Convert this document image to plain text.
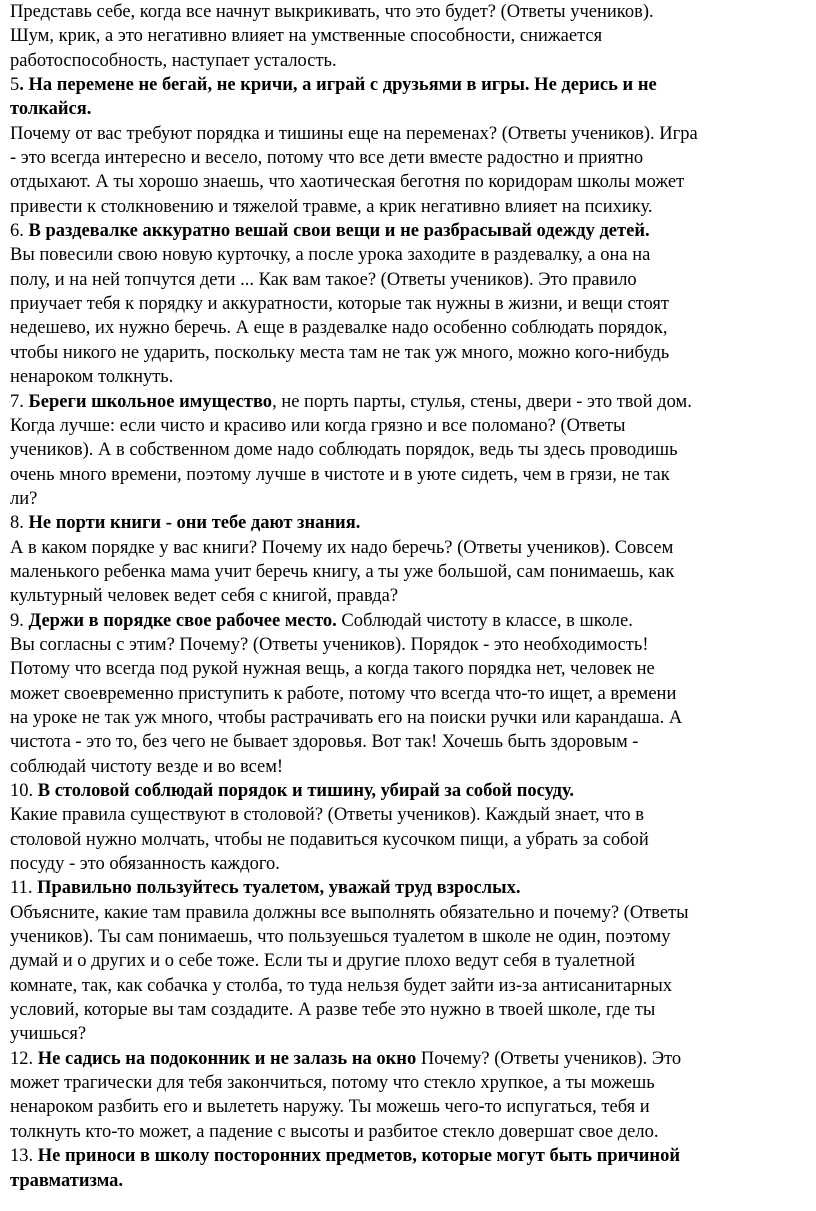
Представь себе, когда все начнут выкрикивать, что это будет? (Ответы учеников).
Шум, крик, а это негативно влияет на умственные способности, снижается
работоспособность, наступает усталость.
5. На перемене не бегай, не кричи, а играй с друзьями в игры. Не дерись и не
толкайся.
Почему от вас требуют порядка и тишины еще на переменах? (Ответы учеников). Игра
- это всегда интересно и весело, потому что все дети вместе радостно и приятно
отдыхают. А ты хорошо знаешь, что хаотическая беготня по коридорам школы может
привести к столкновению и тяжелой травме, а крик негативно влияет на психику.
6. В раздевалке аккуратно вешай свои вещи и не разбрасывай одежду детей.
Вы повесили свою новую курточку, а после урока заходите в раздевалку, а она на
полу, и на ней топчутся дети ... Как вам такое? (Ответы учеников). Это правило
приучает тебя к порядку и аккуратности, которые так нужны в жизни, и вещи стоят
недешево, их нужно беречь. А еще в раздевалке надо особенно соблюдать порядок,
чтобы никого не ударить, поскольку места там не так уж много, можно кого-нибудь
ненароком толкнуть.
7. Береги школьное имущество, не порть парты, стулья, стены, двери - это твой дом.
Когда лучше: если чисто и красиво или когда грязно и все поломано? (Ответы
учеников). А в собственном доме надо соблюдать порядок, ведь ты здесь проводишь
очень много времени, поэтому лучше в чистоте и в уюте сидеть, чем в грязи, не так
ли?
8. Не порти книги - они тебе дают знания.
А в каком порядке у вас книги? Почему их надо беречь? (Ответы учеников). Совсем
маленького ребенка мама учит беречь книгу, а ты уже большой, сам понимаешь, как
культурный человек ведет себя с книгой, правда?
9. Держи в порядке свое рабочее место. Соблюдай чистоту в классе, в школе.
Вы согласны с этим? Почему? (Ответы учеников). Порядок - это необходимость!
Потому что всегда под рукой нужная вещь, а когда такого порядка нет, человек не
может своевременно приступить к работе, потому что всегда что-то ищет, а времени
на уроке не так уж много, чтобы растрачивать его на поиски ручки или карандаша. А
чистота - это то, без чего не бывает здоровья. Вот так! Хочешь быть здоровым -
соблюдай чистоту везде и во всем!
10. В столовой соблюдай порядок и тишину, убирай за собой посуду.
Какие правила существуют в столовой? (Ответы учеников). Каждый знает, что в
столовой нужно молчать, чтобы не подавиться кусочком пищи, а убрать за собой
посуду - это обязанность каждого.
11. Правильно пользуйтесь туалетом, уважай труд взрослых.
Объясните, какие там правила должны все выполнять обязательно и почему? (Ответы
учеников). Ты сам понимаешь, что пользуешься туалетом в школе не один, поэтому
думай и о других и о себе тоже. Если ты и другие плохо ведут себя в туалетной
комнате, так, как собачка у столба, то туда нельзя будет зайти из-за антисанитарных
условий, которые вы там создадите. А разве тебе это нужно в твоей школе, где ты
учишься?
12. Не садись на подоконник и не залазь на окно Почему? (Ответы учеников). Это
может трагически для тебя закончиться, потому что стекло хрупкое, а ты можешь
ненароком разбить его и вылететь наружу. Ты можешь чего-то испугаться, тебя и
толкнуть кто-то может, а падение с высоты и разбитое стекло довершат свое дело.
13. Не приноси в школу посторонних предметов, которые могут быть причиной
травматизма.
